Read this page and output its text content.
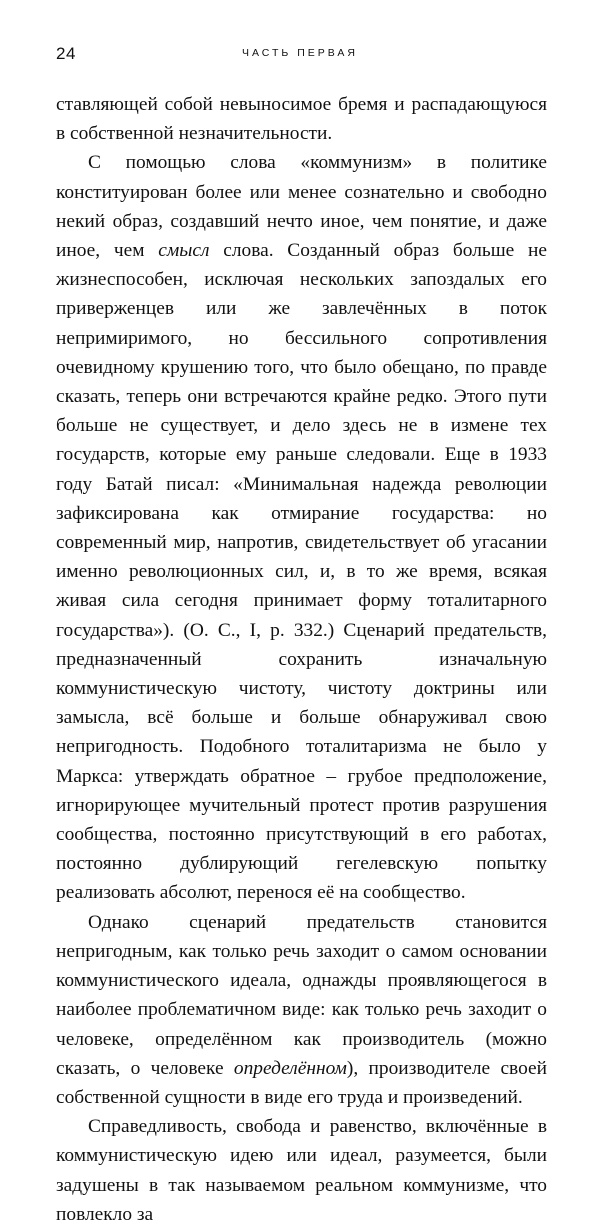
24	ЧАСТЬ ПЕРВАЯ

ставляющей собой невыносимое бремя и распадающуюся в собственной незначительности.

С помощью слова «коммунизм» в политике конституирован более или менее сознательно и свободно некий образ, создавший нечто иное, чем понятие, и даже иное, чем смысл слова. Созданный образ больше не жизнеспособен, исключая нескольких запоздалых его приверженцев или же завлечённых в поток непримиримого, но бессильного сопротивления очевидному крушению того, что было обещано, по правде сказать, теперь они встречаются крайне редко. Этого пути больше не существует, и дело здесь не в измене тех государств, которые ему раньше следовали. Еще в 1933 году Батай писал: «Минимальная надежда революции зафиксирована как отмирание государства: но современный мир, напротив, свидетельствует об угасании именно революционных сил, и, в то же время, всякая живая сила сегодня принимает форму тоталитарного государства»). (O. C., I, p. 332.) Сценарий предательств, предназначенный сохранить изначальную коммунистическую чистоту, чистоту доктрины или замысла, всё больше и больше обнаруживал свою непригодность. Подобного тоталитаризма не было у Маркса: утверждать обратное – грубое предположение, игнорирующее мучительный протест против разрушения сообщества, постоянно присутствующий в его работах, постоянно дублирующий гегелевскую попытку реализовать абсолют, перенося её на сообщество.

Однако сценарий предательств становится непригодным, как только речь заходит о самом основании коммунистического идеала, однажды проявляющегося в наиболее проблематичном виде: как только речь заходит о человеке, определённом как производитель (можно сказать, о человеке определённом), производителе своей собственной сущности в виде его труда и произведений.

Справедливость, свобода и равенство, включённые в коммунистическую идею или идеал, разумеется, были задушены в так называемом реальном коммунизме, что повлекло за
